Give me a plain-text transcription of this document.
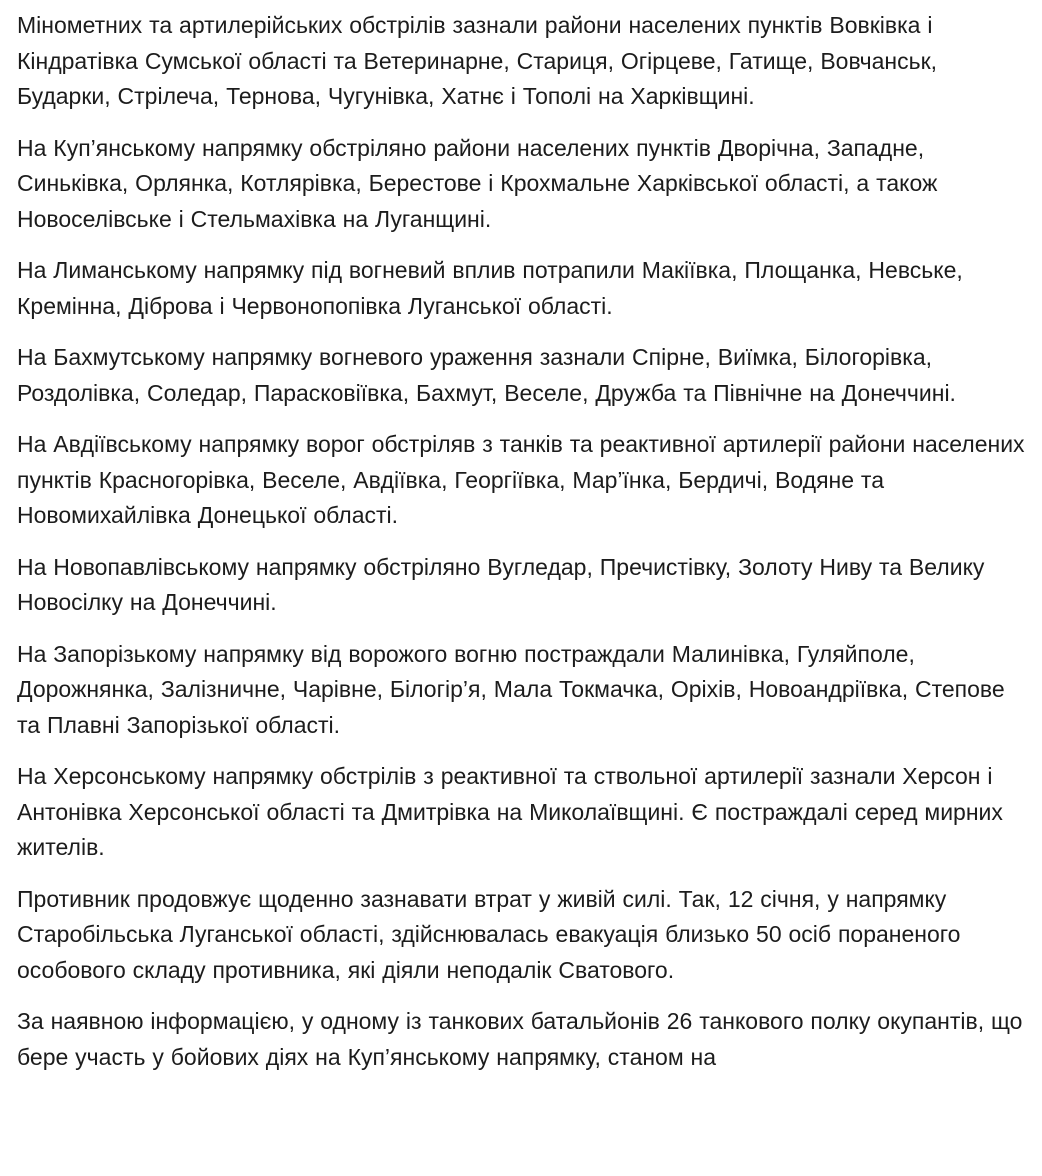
Мінометних та артилерійських обстрілів зазнали райони населених пунктів Вовківка і Кіндратівка Сумської області та Ветеринарне, Стариця, Огірцеве, Гатище, Вовчанськ, Бударки, Стрілеча, Тернова, Чугунівка, Хатнє і Тополі на Харківщині.

На Куп’янському напрямку обстріляно райони населених пунктів Дворічна, Западне, Синьківка, Орлянка, Котлярівка, Берестове і Крохмальне Харківської області, а також Новоселівське і Стельмахівка на Луганщині.

На Лиманському напрямку під вогневий вплив потрапили Макіївка, Площанка, Невське, Кремінна, Діброва і Червонопопівка Луганської області.

На Бахмутському напрямку вогневого ураження зазнали Спірне, Виїмка, Білогорівка, Роздолівка, Соледар, Парасковіївка, Бахмут, Веселе, Дружба та Північне на Донеччині.

На Авдіївському напрямку ворог обстріляв з танків та реактивної артилерії райони населених пунктів Красногорівка, Веселе, Авдіївка, Георгіївка, Мар’їнка, Бердичі, Водяне та Новомихайлівка Донецької області.

На Новопавлівському напрямку обстріляно Вугледар, Пречистівку, Золоту Ниву та Велику Новосілку на Донеччині.

На Запорізькому напрямку від ворожого вогню постраждали Малинівка, Гуляйполе, Дорожнянка, Залізничне, Чарівне, Білогір’я, Мала Токмачка, Оріхів, Новоандріївка, Степове та Плавні Запорізької області.

На Херсонському напрямку обстрілів з реактивної та ствольної артилерії зазнали Херсон і Антонівка Херсонської області та Дмитрівка на Миколаївщині. Є постраждалі серед мирних жителів.

Противник продовжує щоденно зазнавати втрат у живій силі. Так, 12 січня, у напрямку Старобільська Луганської області, здійснювалась евакуація близько 50 осіб пораненого особового складу противника, які діяли неподалік Сватового.

За наявною інформацією, у одному із танкових батальйонів 26 танкового полку окупантів, що бере участь у бойових діях на Куп’янському напрямку, станом на
